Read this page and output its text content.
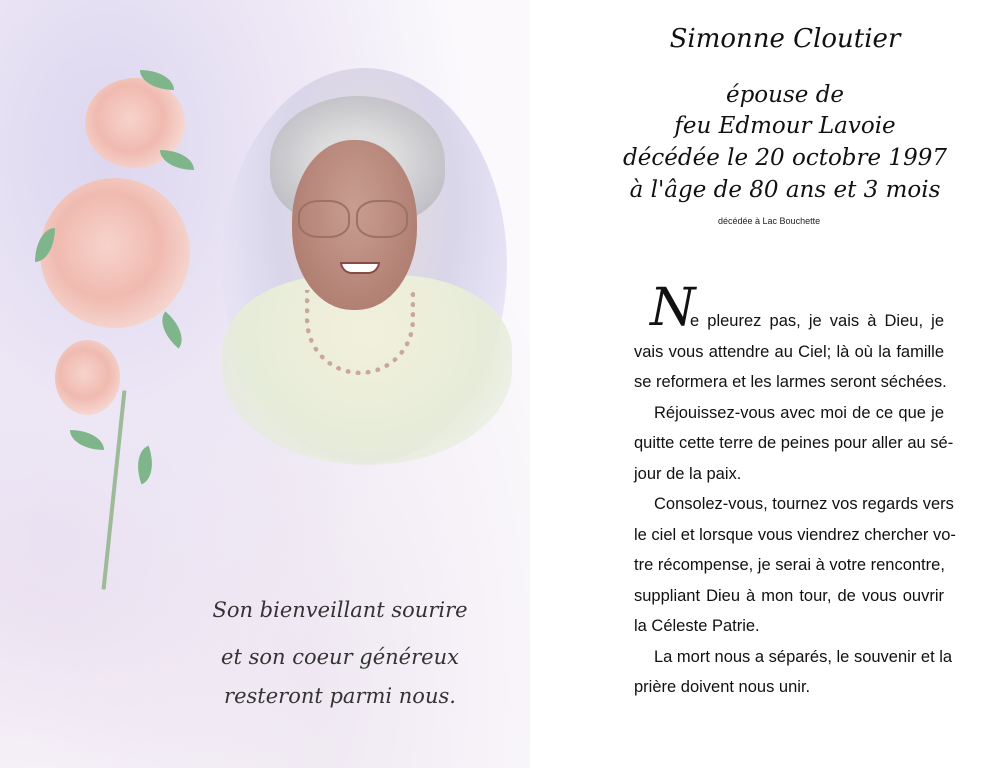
Son bienveillant sourire
et son coeur généreux
resteront parmi nous.
Simonne Cloutier
épouse de
feu Edmour Lavoie
décédée le 20 octobre 1997
à l'âge de 80 ans et 3 mois
décédée à Lac Bouchette
N
e pleurez pas, je vais à Dieu, je
vais vous attendre au Ciel; là où la famille
se reformera et les larmes seront séchées.
Réjouissez-vous avec moi de ce que je
quitte cette terre de peines pour aller au sé-
jour de la paix.
Consolez-vous, tournez vos regards vers
le ciel et lorsque vous viendrez chercher vo-
tre récompense, je serai à votre rencontre,
suppliant Dieu à mon tour, de vous ouvrir
la Céleste Patrie.
La mort nous a séparés, le souvenir et la
prière doivent nous unir.
